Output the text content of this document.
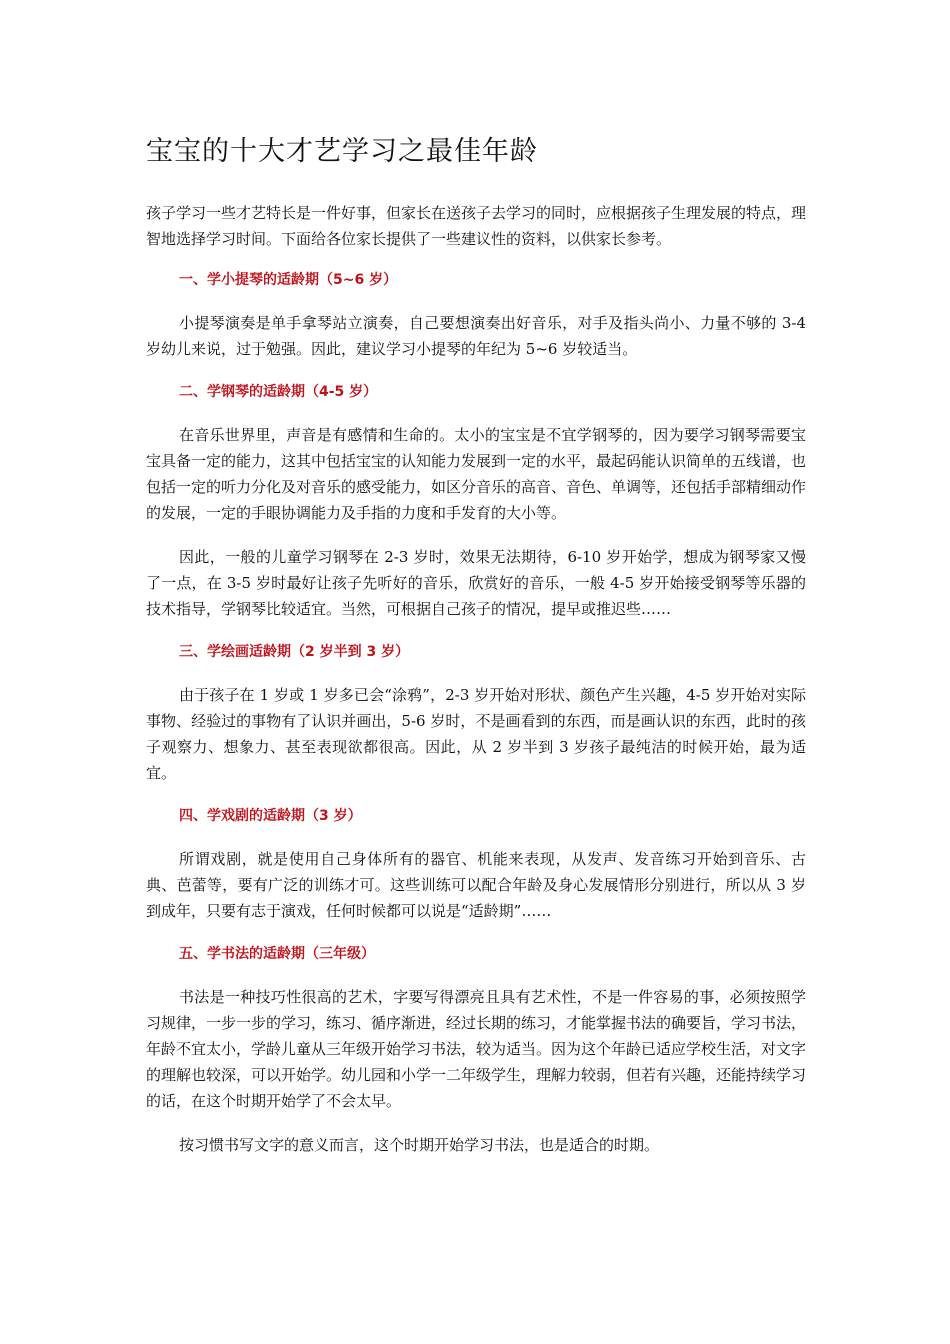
宝宝的十大才艺学习之最佳年龄

孩子学习一些才艺特长是一件好事，但家长在送孩子去学习的同时，应根据孩子生理发展的特点，理智地选择学习时间。下面给各位家长提供了一些建议性的资料，以供家长参考。

一、学小提琴的适龄期（5~6 岁）

小提琴演奏是单手拿琴站立演奏，自己要想演奏出好音乐，对手及指头尚小、力量不够的 3-4 岁幼儿来说，过于勉强。因此，建议学习小提琴的年纪为 5~6 岁较适当。

二、学钢琴的适龄期（4-5 岁）

在音乐世界里，声音是有感情和生命的。太小的宝宝是不宜学钢琴的，因为要学习钢琴需要宝宝具备一定的能力，这其中包括宝宝的认知能力发展到一定的水平，最起码能认识简单的五线谱，也包括一定的听力分化及对音乐的感受能力，如区分音乐的高音、音色、单调等，还包括手部精细动作的发展，一定的手眼协调能力及手指的力度和手发育的大小等。

因此，一般的儿童学习钢琴在 2-3 岁时，效果无法期待，6-10 岁开始学，想成为钢琴家又慢了一点，在 3-5 岁时最好让孩子先听好的音乐，欣赏好的音乐，一般 4-5 岁开始接受钢琴等乐器的技术指导，学钢琴比较适宜。当然，可根据自己孩子的情况，提早或推迟些……

三、学绘画适龄期（2 岁半到 3 岁）

由于孩子在 1 岁或 1 岁多已会“涂鸦”，2-3 岁开始对形状、颜色产生兴趣，4-5 岁开始对实际事物、经验过的事物有了认识并画出，5-6 岁时，不是画看到的东西，而是画认识的东西，此时的孩子观察力、想象力、甚至表现欲都很高。因此，从 2 岁半到 3 岁孩子最纯洁的时候开始，最为适宜。

四、学戏剧的适龄期（3 岁）

所谓戏剧，就是使用自己身体所有的器官、机能来表现，从发声、发音练习开始到音乐、古典、芭蕾等，要有广泛的训练才可。这些训练可以配合年龄及身心发展情形分别进行，所以从 3 岁到成年，只要有志于演戏，任何时候都可以说是“适龄期”……

五、学书法的适龄期（三年级）

书法是一种技巧性很高的艺术，字要写得漂亮且具有艺术性，不是一件容易的事，必须按照学习规律，一步一步的学习，练习、循序渐进，经过长期的练习，才能掌握书法的确要旨，学习书法，年龄不宜太小，学龄儿童从三年级开始学习书法，较为适当。因为这个年龄已适应学校生活，对文字的理解也较深，可以开始学。幼儿园和小学一二年级学生，理解力较弱，但若有兴趣，还能持续学习的话，在这个时期开始学了不会太早。

按习惯书写文字的意义而言，这个时期开始学习书法，也是适合的时期。
